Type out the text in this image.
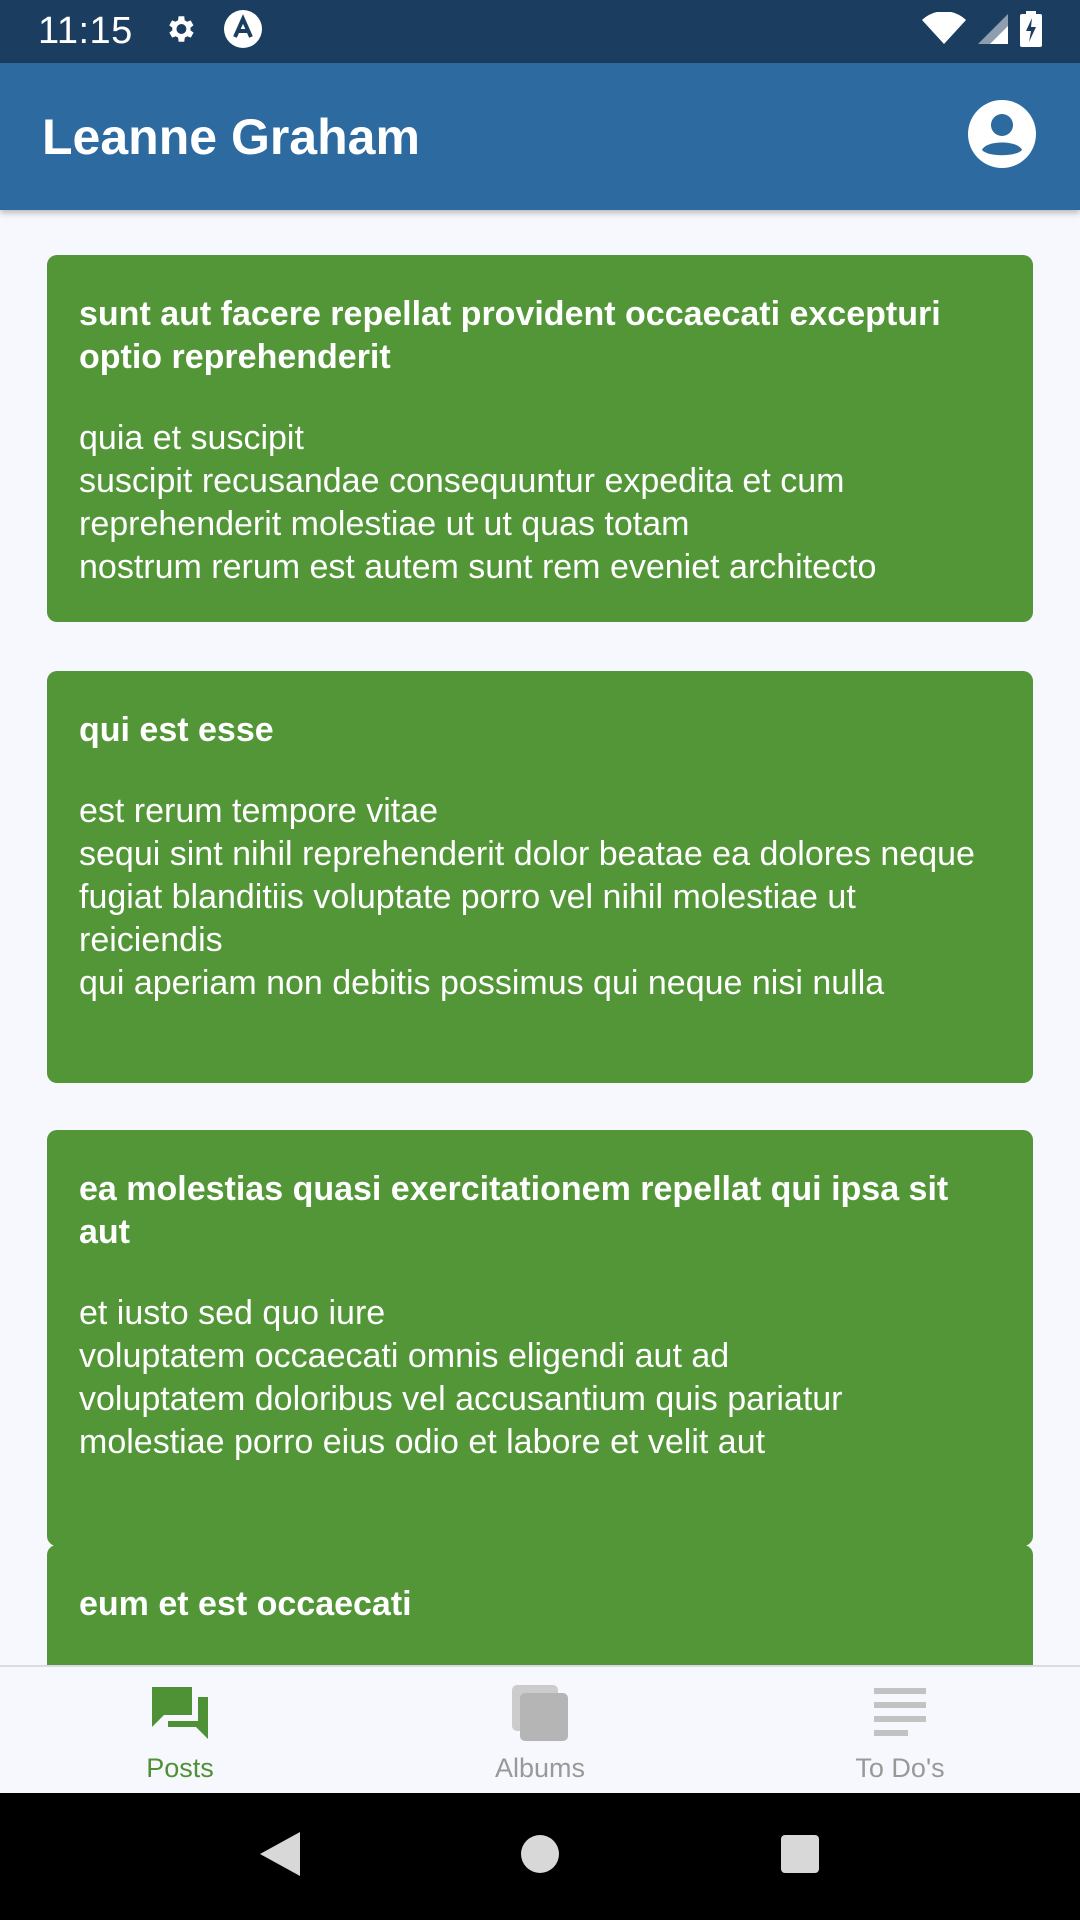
11:15
Leanne Graham
sunt aut facere repellat provident occaecati excepturi optio reprehenderit
quia et suscipit
suscipit recusandae consequuntur expedita et cum
reprehenderit molestiae ut ut quas totam
nostrum rerum est autem sunt rem eveniet architecto
qui est esse
est rerum tempore vitae
sequi sint nihil reprehenderit dolor beatae ea dolores neque
fugiat blanditiis voluptate porro vel nihil molestiae ut reiciendis
qui aperiam non debitis possimus qui neque nisi nulla
ea molestias quasi exercitationem repellat qui ipsa sit aut
et iusto sed quo iure
voluptatem occaecati omnis eligendi aut ad
voluptatem doloribus vel accusantium quis pariatur
molestiae porro eius odio et labore et velit aut
eum et est occaecati
Posts	Albums	To Do's
